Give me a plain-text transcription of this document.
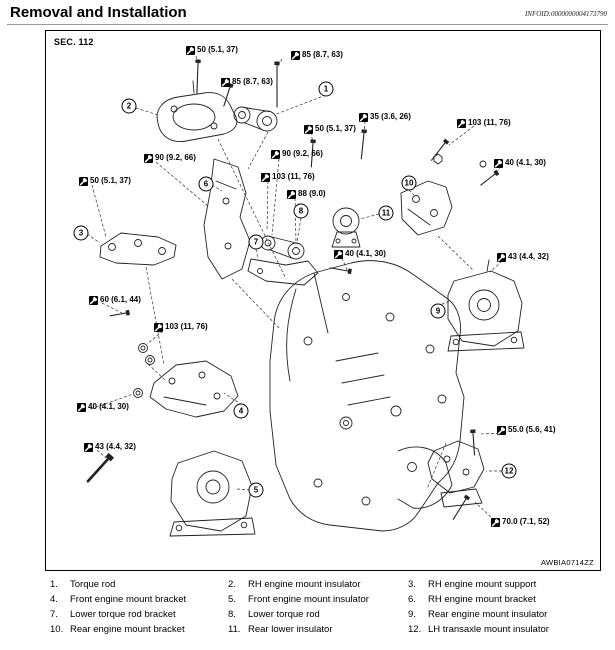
Removal and Installation	INFOID:0000000004173790
SEC. 112
50 (5.1, 37)
85 (8.7, 63)
85 (8.7, 63)
35 (3.6, 26)
50 (5.1, 37)
103 (11, 76)
90 (9.2, 66)	90 (9.2, 66)
40 (4.1, 30)
103 (11, 76)
50 (5.1, 37)
88 (9.0)
40 (4.1, 30)	43 (4.4, 32)
60 (6.1, 44)
103 (11, 76)
40 (4.1, 30)
43 (4.4, 32)
55.0 (5.6, 41)
70.0 (7.1, 52)
1
2
3
4
5
6
7
8
9
10
11
12
AWBIA0714ZZ
1.	Torque rod	2.	RH engine mount insulator	3.	RH engine mount support
4.	Front engine mount bracket	5.	Front engine mount insulator	6.	RH engine mount bracket
7.	Lower torque rod bracket	8.	Lower torque rod	9.	Rear engine mount insulator
10. Rear engine mount bracket	11. Rear lower insulator	12. LH transaxle mount insulator
